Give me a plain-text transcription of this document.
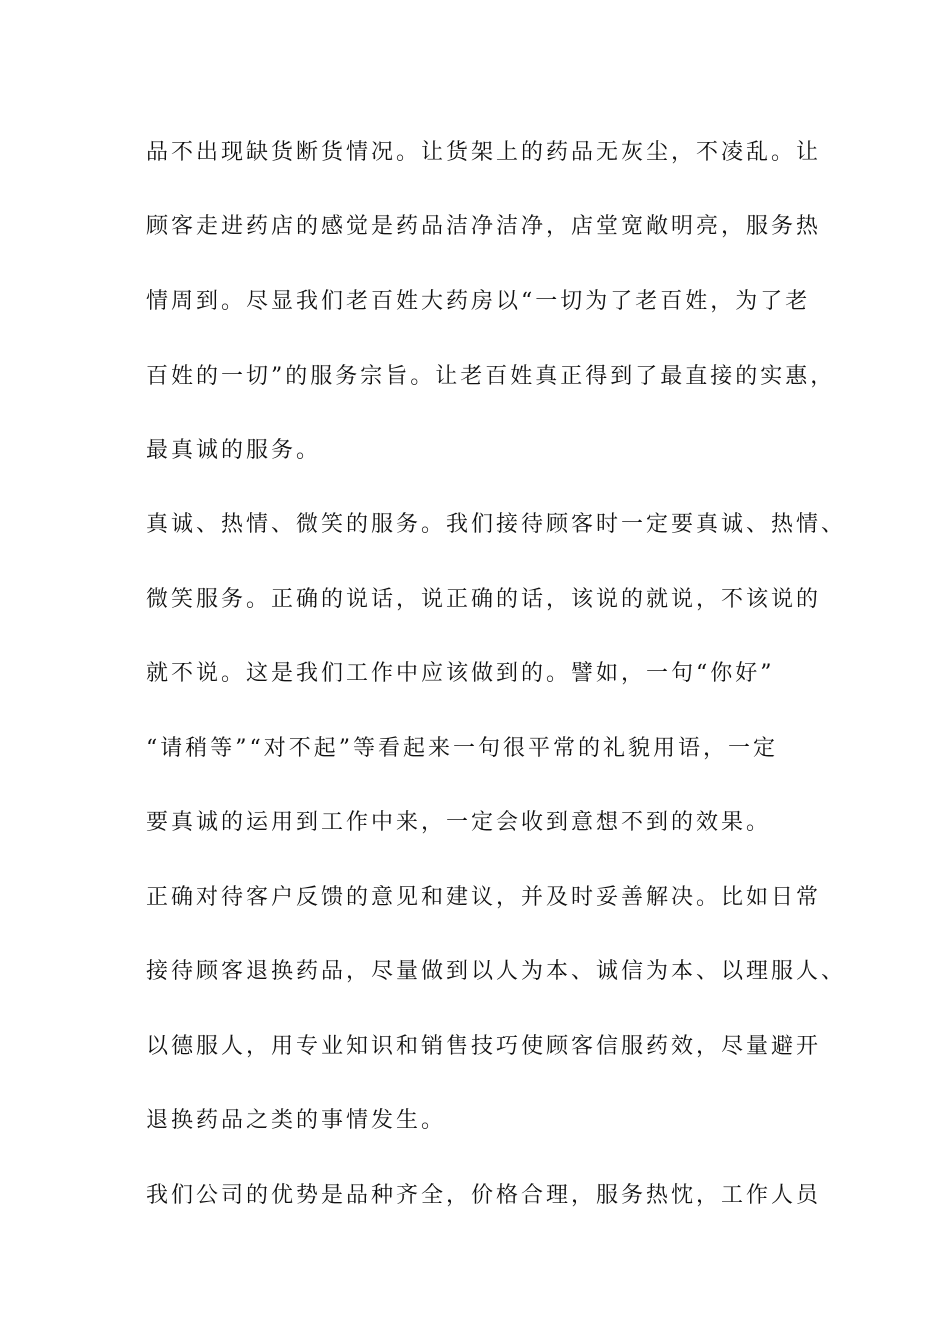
品不出现缺货断货情况。让货架上的药品无灰尘，不凌乱。让
顾客走进药店的感觉是药品洁净洁净，店堂宽敞明亮，服务热
情周到。尽显我们老百姓大药房以“一切为了老百姓，为了老
百姓的一切”的服务宗旨。让老百姓真正得到了最直接的实惠，
最真诚的服务。
真诚、热情、微笑的服务。我们接待顾客时一定要真诚、热情、
微笑服务。正确的说话，说正确的话，该说的就说，不该说的
就不说。这是我们工作中应该做到的。譬如，一句“你好”
“请稍等”“对不起”等看起来一句很平常的礼貌用语，一定
要真诚的运用到工作中来，一定会收到意想不到的效果。
正确对待客户反馈的意见和建议，并及时妥善解决。比如日常
接待顾客退换药品，尽量做到以人为本、诚信为本、以理服人、
以德服人，用专业知识和销售技巧使顾客信服药效，尽量避开
退换药品之类的事情发生。
我们公司的优势是品种齐全，价格合理，服务热忱，工作人员
